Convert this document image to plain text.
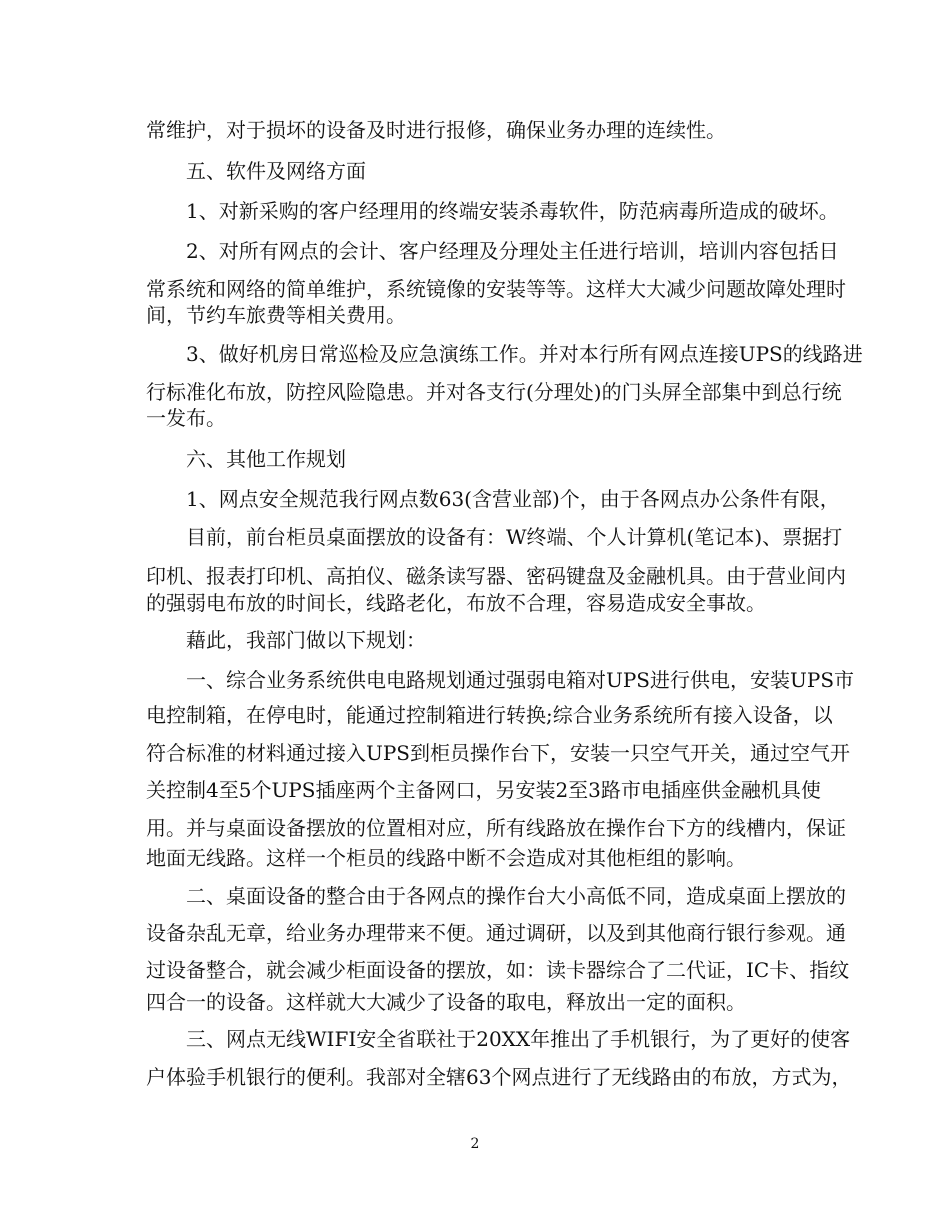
常维护，对于损坏的设备及时进行报修，确保业务办理的连续性。
五、软件及网络方面
1、对新采购的客户经理用的终端安装杀毒软件，防范病毒所造成的破坏。
2、对所有网点的会计、客户经理及分理处主任进行培训，培训内容包括日
常系统和网络的简单维护，系统镜像的安装等等。这样大大减少问题故障处理时
间，节约车旅费等相关费用。
3、做好机房日常巡检及应急演练工作。并对本行所有网点连接UPS的线路进
行标准化布放，防控风险隐患。并对各支行(分理处)的门头屏全部集中到总行统
一发布。
六、其他工作规划
1、网点安全规范我行网点数63(含营业部)个，由于各网点办公条件有限，
目前，前台柜员桌面摆放的设备有：W终端、个人计算机(笔记本)、票据打
印机、报表打印机、高拍仪、磁条读写器、密码键盘及金融机具。由于营业间内
的强弱电布放的时间长，线路老化，布放不合理，容易造成安全事故。
藉此，我部门做以下规划：
一、综合业务系统供电电路规划通过强弱电箱对UPS进行供电，安装UPS市
电控制箱，在停电时，能通过控制箱进行转换;综合业务系统所有接入设备，以
符合标准的材料通过接入UPS到柜员操作台下，安装一只空气开关，通过空气开
关控制4至5个UPS插座两个主备网口，另安装2至3路市电插座供金融机具使
用。并与桌面设备摆放的位置相对应，所有线路放在操作台下方的线槽内，保证
地面无线路。这样一个柜员的线路中断不会造成对其他柜组的影响。
二、桌面设备的整合由于各网点的操作台大小高低不同，造成桌面上摆放的
设备杂乱无章，给业务办理带来不便。通过调研，以及到其他商行银行参观。通
过设备整合，就会减少柜面设备的摆放，如：读卡器综合了二代证，IC卡、指纹
四合一的设备。这样就大大减少了设备的取电，释放出一定的面积。
三、网点无线WIFI安全省联社于20XX年推出了手机银行，为了更好的使客
户体验手机银行的便利。我部对全辖63个网点进行了无线路由的布放，方式为，
2
